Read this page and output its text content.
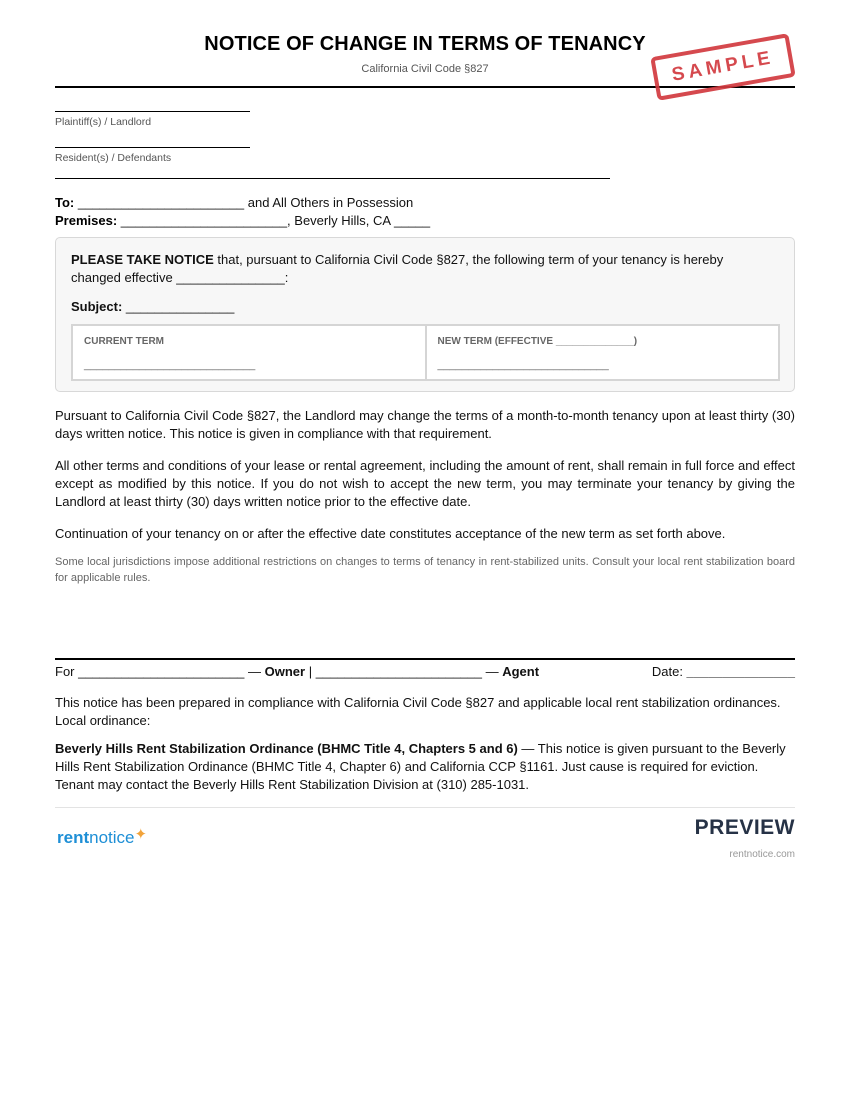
NOTICE OF CHANGE IN TERMS OF TENANCY
California Civil Code §827	SAMPLE
Plaintiff(s) / Landlord
Resident(s) / Defendants
To: _______________________ and All Others in Possession
Premises: _______________________, Beverly Hills, CA _____
PLEASE TAKE NOTICE that, pursuant to California Civil Code §827, the following term of your tenancy is hereby changed effective _______________:
Subject: _______________
CURRENT TERM
____________________________
NEW TERM (EFFECTIVE ______________)
____________________________
Pursuant to California Civil Code §827, the Landlord may change the terms of a month-to-month tenancy upon at least thirty (30) days written notice. This notice is given in compliance with that requirement.
All other terms and conditions of your lease or rental agreement, including the amount of rent, shall remain in full force and effect except as modified by this notice. If you do not wish to accept the new term, you may terminate your tenancy by giving the Landlord at least thirty (30) days written notice prior to the effective date.
Continuation of your tenancy on or after the effective date constitutes acceptance of the new term as set forth above.
Some local jurisdictions impose additional restrictions on changes to terms of tenancy in rent-stabilized units. Consult your local rent stabilization board for applicable rules.
For _______________________ — Owner | _______________________ — Agent	Date: _______________
This notice has been prepared in compliance with California Civil Code §827 and applicable local rent stabilization ordinances. Local ordinance:
Beverly Hills Rent Stabilization Ordinance (BHMC Title 4, Chapters 5 and 6) — This notice is given pursuant to the Beverly Hills Rent Stabilization Ordinance (BHMC Title 4, Chapter 6) and California CCP §1161. Just cause is required for eviction. Tenant may contact the Beverly Hills Rent Stabilization Division at (310) 285-1031.
rentnotice✦	PREVIEW
rentnotice.com
